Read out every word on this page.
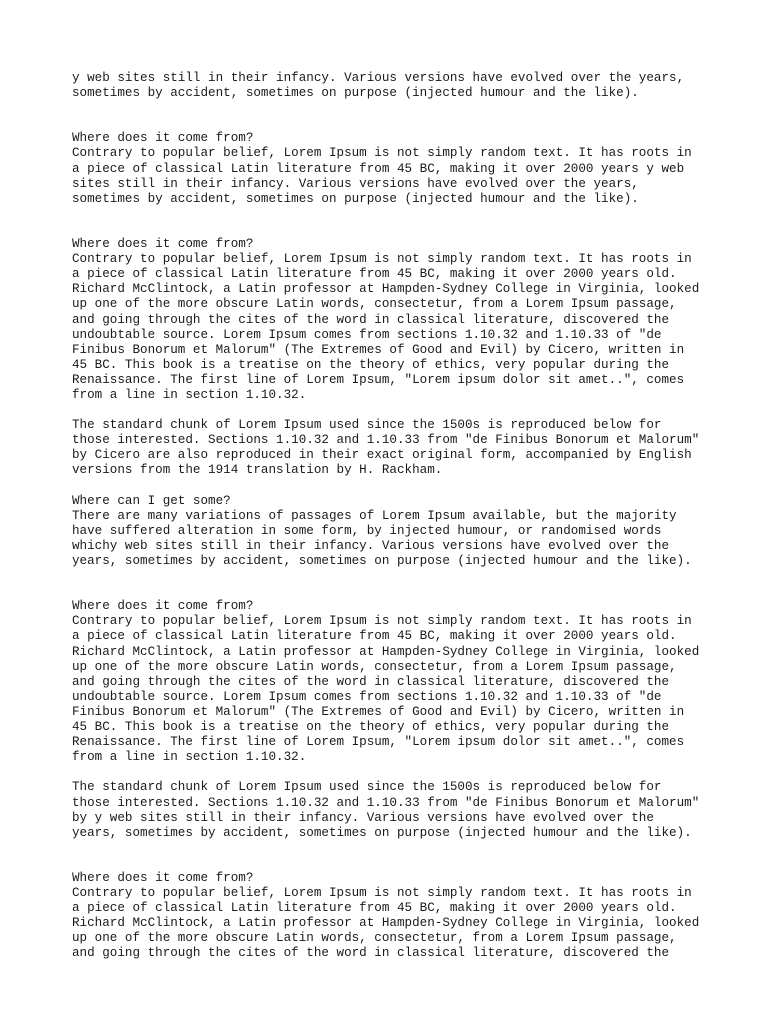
y web sites still in their infancy. Various versions have evolved over the years,
sometimes by accident, sometimes on purpose (injected humour and the like).

Where does it come from?
Contrary to popular belief, Lorem Ipsum is not simply random text. It has roots in
a piece of classical Latin literature from 45 BC, making it over 2000 years y web
sites still in their infancy. Various versions have evolved over the years,
sometimes by accident, sometimes on purpose (injected humour and the like).

Where does it come from?
Contrary to popular belief, Lorem Ipsum is not simply random text. It has roots in
a piece of classical Latin literature from 45 BC, making it over 2000 years old.
Richard McClintock, a Latin professor at Hampden-Sydney College in Virginia, looked
up one of the more obscure Latin words, consectetur, from a Lorem Ipsum passage,
and going through the cites of the word in classical literature, discovered the
undoubtable source. Lorem Ipsum comes from sections 1.10.32 and 1.10.33 of "de
Finibus Bonorum et Malorum" (The Extremes of Good and Evil) by Cicero, written in
45 BC. This book is a treatise on the theory of ethics, very popular during the
Renaissance. The first line of Lorem Ipsum, "Lorem ipsum dolor sit amet..", comes
from a line in section 1.10.32.

The standard chunk of Lorem Ipsum used since the 1500s is reproduced below for
those interested. Sections 1.10.32 and 1.10.33 from "de Finibus Bonorum et Malorum"
by Cicero are also reproduced in their exact original form, accompanied by English
versions from the 1914 translation by H. Rackham.

Where can I get some?
There are many variations of passages of Lorem Ipsum available, but the majority
have suffered alteration in some form, by injected humour, or randomised words
whichy web sites still in their infancy. Various versions have evolved over the
years, sometimes by accident, sometimes on purpose (injected humour and the like).

Where does it come from?
Contrary to popular belief, Lorem Ipsum is not simply random text. It has roots in
a piece of classical Latin literature from 45 BC, making it over 2000 years old.
Richard McClintock, a Latin professor at Hampden-Sydney College in Virginia, looked
up one of the more obscure Latin words, consectetur, from a Lorem Ipsum passage,
and going through the cites of the word in classical literature, discovered the
undoubtable source. Lorem Ipsum comes from sections 1.10.32 and 1.10.33 of "de
Finibus Bonorum et Malorum" (The Extremes of Good and Evil) by Cicero, written in
45 BC. This book is a treatise on the theory of ethics, very popular during the
Renaissance. The first line of Lorem Ipsum, "Lorem ipsum dolor sit amet..", comes
from a line in section 1.10.32.

The standard chunk of Lorem Ipsum used since the 1500s is reproduced below for
those interested. Sections 1.10.32 and 1.10.33 from "de Finibus Bonorum et Malorum"
by y web sites still in their infancy. Various versions have evolved over the
years, sometimes by accident, sometimes on purpose (injected humour and the like).

Where does it come from?
Contrary to popular belief, Lorem Ipsum is not simply random text. It has roots in
a piece of classical Latin literature from 45 BC, making it over 2000 years old.
Richard McClintock, a Latin professor at Hampden-Sydney College in Virginia, looked
up one of the more obscure Latin words, consectetur, from a Lorem Ipsum passage,
and going through the cites of the word in classical literature, discovered the
